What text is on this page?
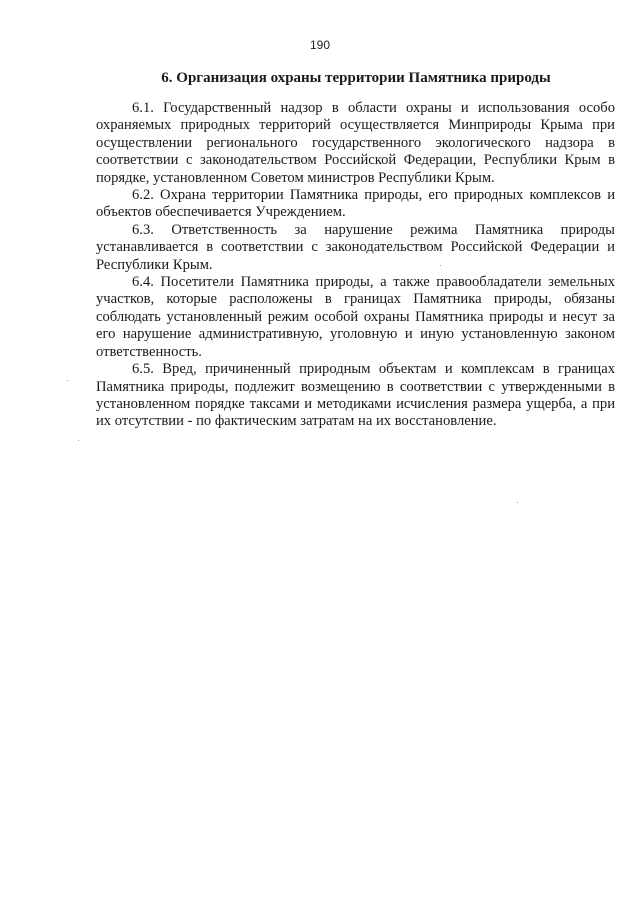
190
6. Организация охраны территории Памятника природы

6.1. Государственный надзор в области охраны и использования особо охраняемых природных территорий осуществляется Минприроды Крыма при осуществлении регионального государственного экологического надзора в соответствии с законодательством Российской Федерации, Республики Крым в порядке, установленном Советом министров Республики Крым.

6.2. Охрана территории Памятника природы, его природных комплексов и объектов обеспечивается Учреждением.

6.3. Ответственность за нарушение режима Памятника природы устанавливается в соответствии с законодательством Российской Федерации и Республики Крым.

6.4. Посетители Памятника природы, а также правообладатели земельных участков, которые расположены в границах Памятника природы, обязаны соблюдать установленный режим особой охраны Памятника природы и несут за его нарушение административную, уголовную и иную установленную законом ответственность.

6.5. Вред, причиненный природным объектам и комплексам в границах Памятника природы, подлежит возмещению в соответствии с утвержденными в установленном порядке таксами и методиками исчисления размера ущерба, а при их отсутствии - по фактическим затратам на их восстановление.
